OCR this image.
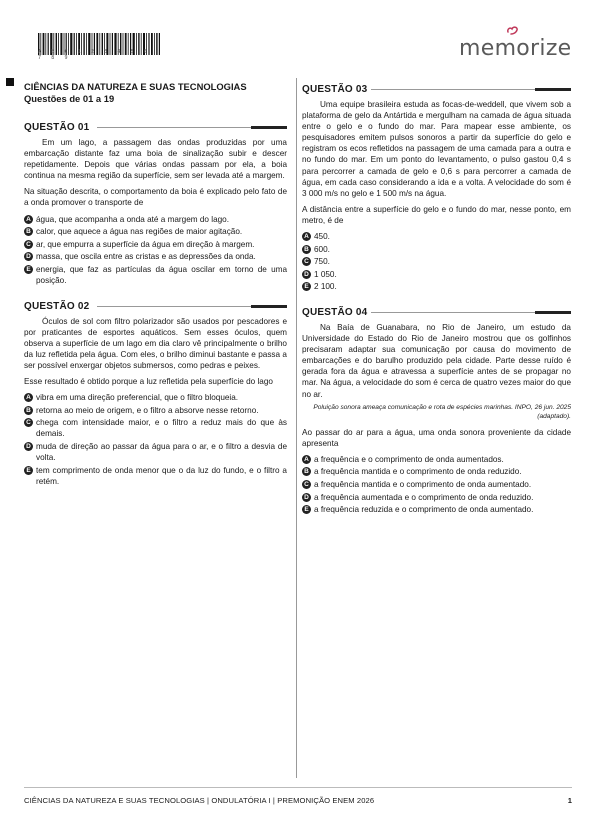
A B C 1 2 3 4 5 6 7 8 9	memorize
CIÊNCIAS DA NATUREZA E SUAS TECNOLOGIAS
Questões de 01 a 19
QUESTÃO 01

Em um lago, a passagem das ondas produzidas por uma embarcação distante faz uma boia de sinalização subir e descer repetidamente. Depois que várias ondas passam por ela, a boia continua na mesma região da superfície, sem ser levada até a margem.

Na situação descrita, o comportamento da boia é explicado pelo fato de a onda promover o transporte de

A água, que acompanha a onda até a margem do lago.
B calor, que aquece a água nas regiões de maior agitação.
C ar, que empurra a superfície da água em direção à margem.
D massa, que oscila entre as cristas e as depressões da onda.
E energia, que faz as partículas da água oscilar em torno de uma posição.
QUESTÃO 02

Óculos de sol com filtro polarizador são usados por pescadores e por praticantes de esportes aquáticos. Sem esses óculos, quem observa a superfície de um lago em dia claro vê principalmente o brilho da luz refletida pela água. Com eles, o brilho diminui bastante e passa a ser possível enxergar objetos submersos, como pedras e peixes.

Esse resultado é obtido porque a luz refletida pela superfície do lago

A vibra em uma direção preferencial, que o filtro bloqueia.
B retorna ao meio de origem, e o filtro a absorve nesse retorno.
C chega com intensidade maior, e o filtro a reduz mais do que às demais.
D muda de direção ao passar da água para o ar, e o filtro a desvia de volta.
E tem comprimento de onda menor que o da luz do fundo, e o filtro a retém.
QUESTÃO 03

Uma equipe brasileira estuda as focas-de-weddell, que vivem sob a plataforma de gelo da Antártida e mergulham na camada de água situada entre o gelo e o fundo do mar. Para mapear esse ambiente, os pesquisadores emitem pulsos sonoros a partir da superfície do gelo e registram os ecos refletidos na passagem de uma camada para a outra e no fundo do mar. Em um ponto do levantamento, o pulso gastou 0,4 s para percorrer a camada de gelo e 0,6 s para percorrer a camada de água, em cada caso considerando a ida e a volta. A velocidade do som é 3 000 m/s no gelo e 1 500 m/s na água.

A distância entre a superfície do gelo e o fundo do mar, nesse ponto, em metro, é de

A 450.
B 600.
C 750.
D 1 050.
E 2 100.
QUESTÃO 04

Na Baía de Guanabara, no Rio de Janeiro, um estudo da Universidade do Estado do Rio de Janeiro mostrou que os golfinhos precisaram adaptar sua comunicação por causa do movimento de embarcações e do barulho produzido pela cidade. Parte desse ruído é gerada fora da água e atravessa a superfície antes de se propagar no mar. Na água, a velocidade do som é cerca de quatro vezes maior do que no ar.

Poluição sonora ameaça comunicação e rota de espécies marinhas. INPO, 26 jun. 2025 (adaptado).

Ao passar do ar para a água, uma onda sonora proveniente da cidade apresenta

A a frequência e o comprimento de onda aumentados.
B a frequência mantida e o comprimento de onda reduzido.
C a frequência mantida e o comprimento de onda aumentado.
D a frequência aumentada e o comprimento de onda reduzido.
E a frequência reduzida e o comprimento de onda aumentado.
CIÊNCIAS DA NATUREZA E SUAS TECNOLOGIAS | ONDULATÓRIA I | PREMONIÇÃO ENEM 2026	1
